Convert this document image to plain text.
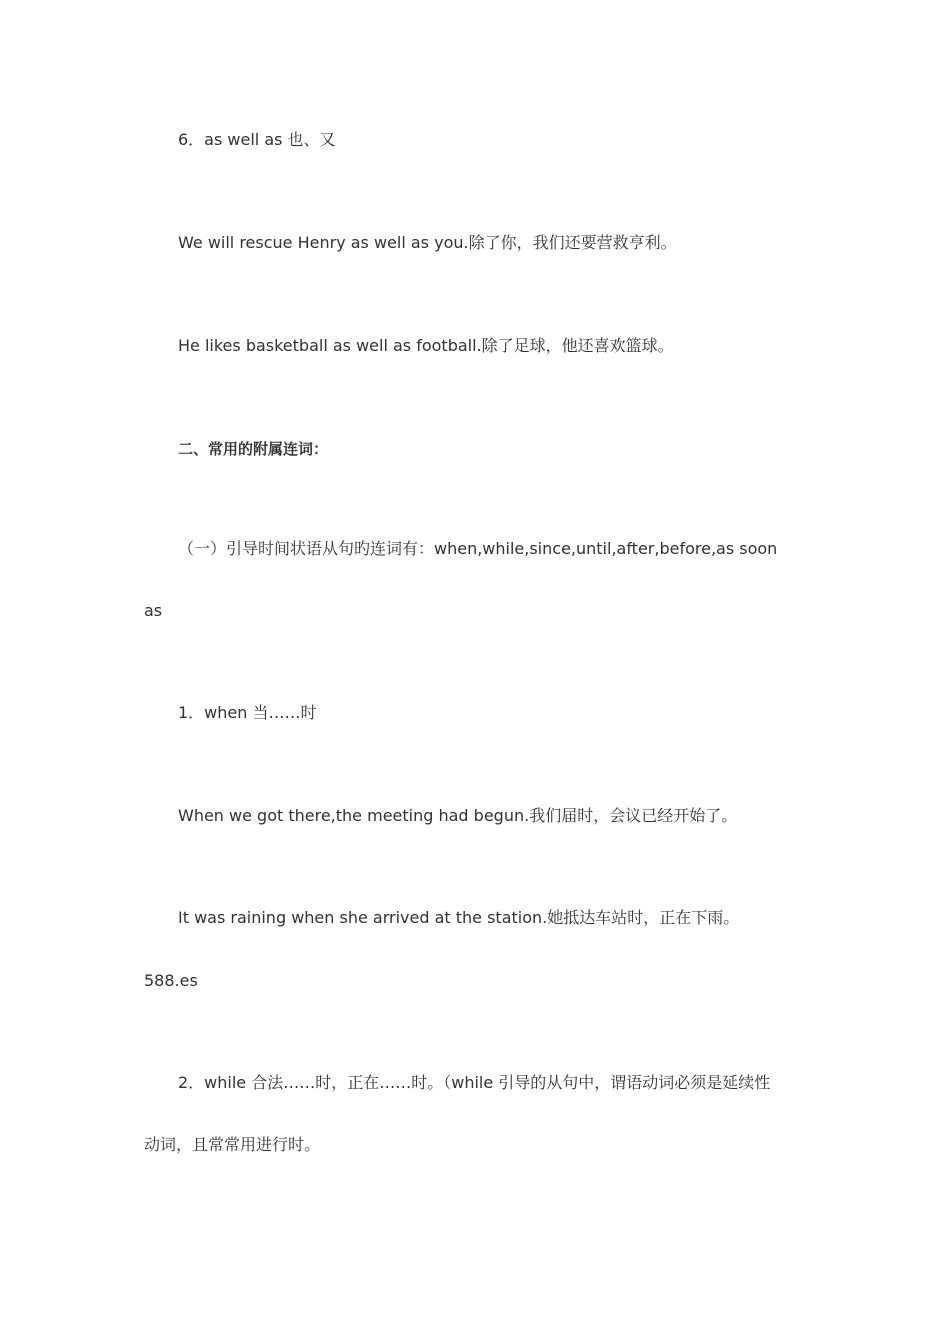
6．as well as 也、又
We will rescue Henry as well as you.除了你，我们还要营救亨利。
He likes basketball as well as football.除了足球，他还喜欢篮球。
二、常用的附属连词：
（一）引导时间状语从句旳连词有：when,while,since,until,after,before,as soon
as
1．when 当……时
When we got there,the meeting had begun.我们届时，会议已经开始了。
It was raining when she arrived at the station.她抵达车站时，正在下雨。
588.es
2．while 合法……时，正在……时。（while 引导的从句中，谓语动词必须是延续性
动词，且常常用进行时。
